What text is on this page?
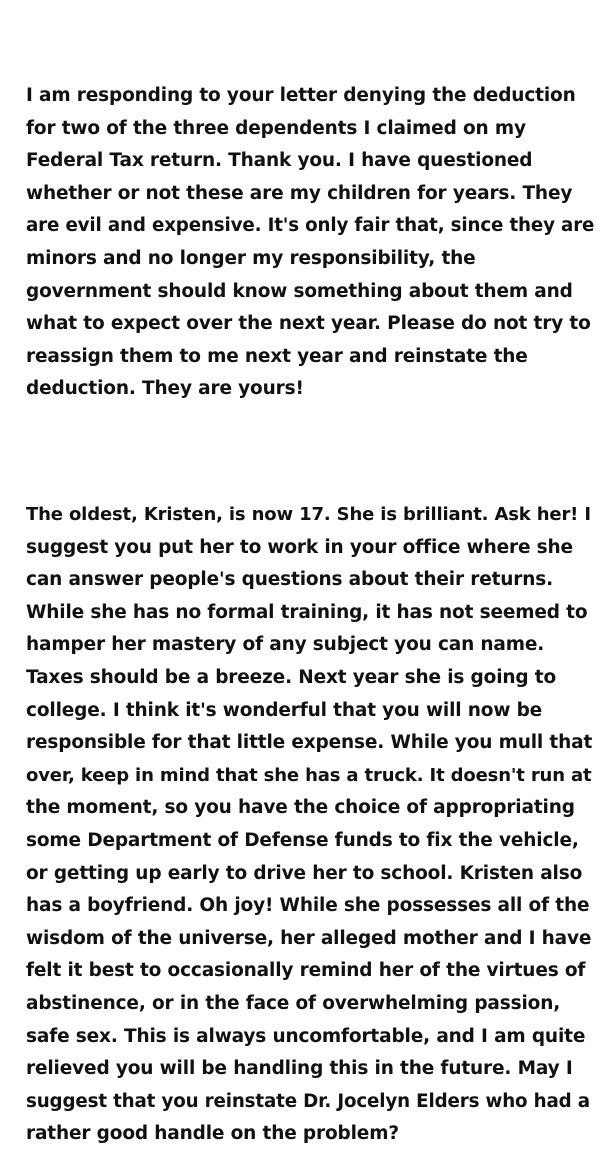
I am responding to your letter denying the deduction
for two of the three dependents I claimed on my
Federal Tax return. Thank you. I have questioned
whether or not these are my children for years. They
are evil and expensive. It's only fair that, since they are
minors and no longer my responsibility, the
government should know something about them and
what to expect over the next year. Please do not try to
reassign them to me next year and reinstate the
deduction. They are yours!

The oldest, Kristen, is now 17. She is brilliant. Ask her! I
suggest you put her to work in your office where she
can answer people's questions about their returns.
While she has no formal training, it has not seemed to
hamper her mastery of any subject you can name.
Taxes should be a breeze. Next year she is going to
college. I think it's wonderful that you will now be
responsible for that little expense. While you mull that
over, keep in mind that she has a truck. It doesn't run at
the moment, so you have the choice of appropriating
some Department of Defense funds to fix the vehicle,
or getting up early to drive her to school. Kristen also
has a boyfriend. Oh joy! While she possesses all of the
wisdom of the universe, her alleged mother and I have
felt it best to occasionally remind her of the virtues of
abstinence, or in the face of overwhelming passion,
safe sex. This is always uncomfortable, and I am quite
relieved you will be handling this in the future. May I
suggest that you reinstate Dr. Jocelyn Elders who had a
rather good handle on the problem?
